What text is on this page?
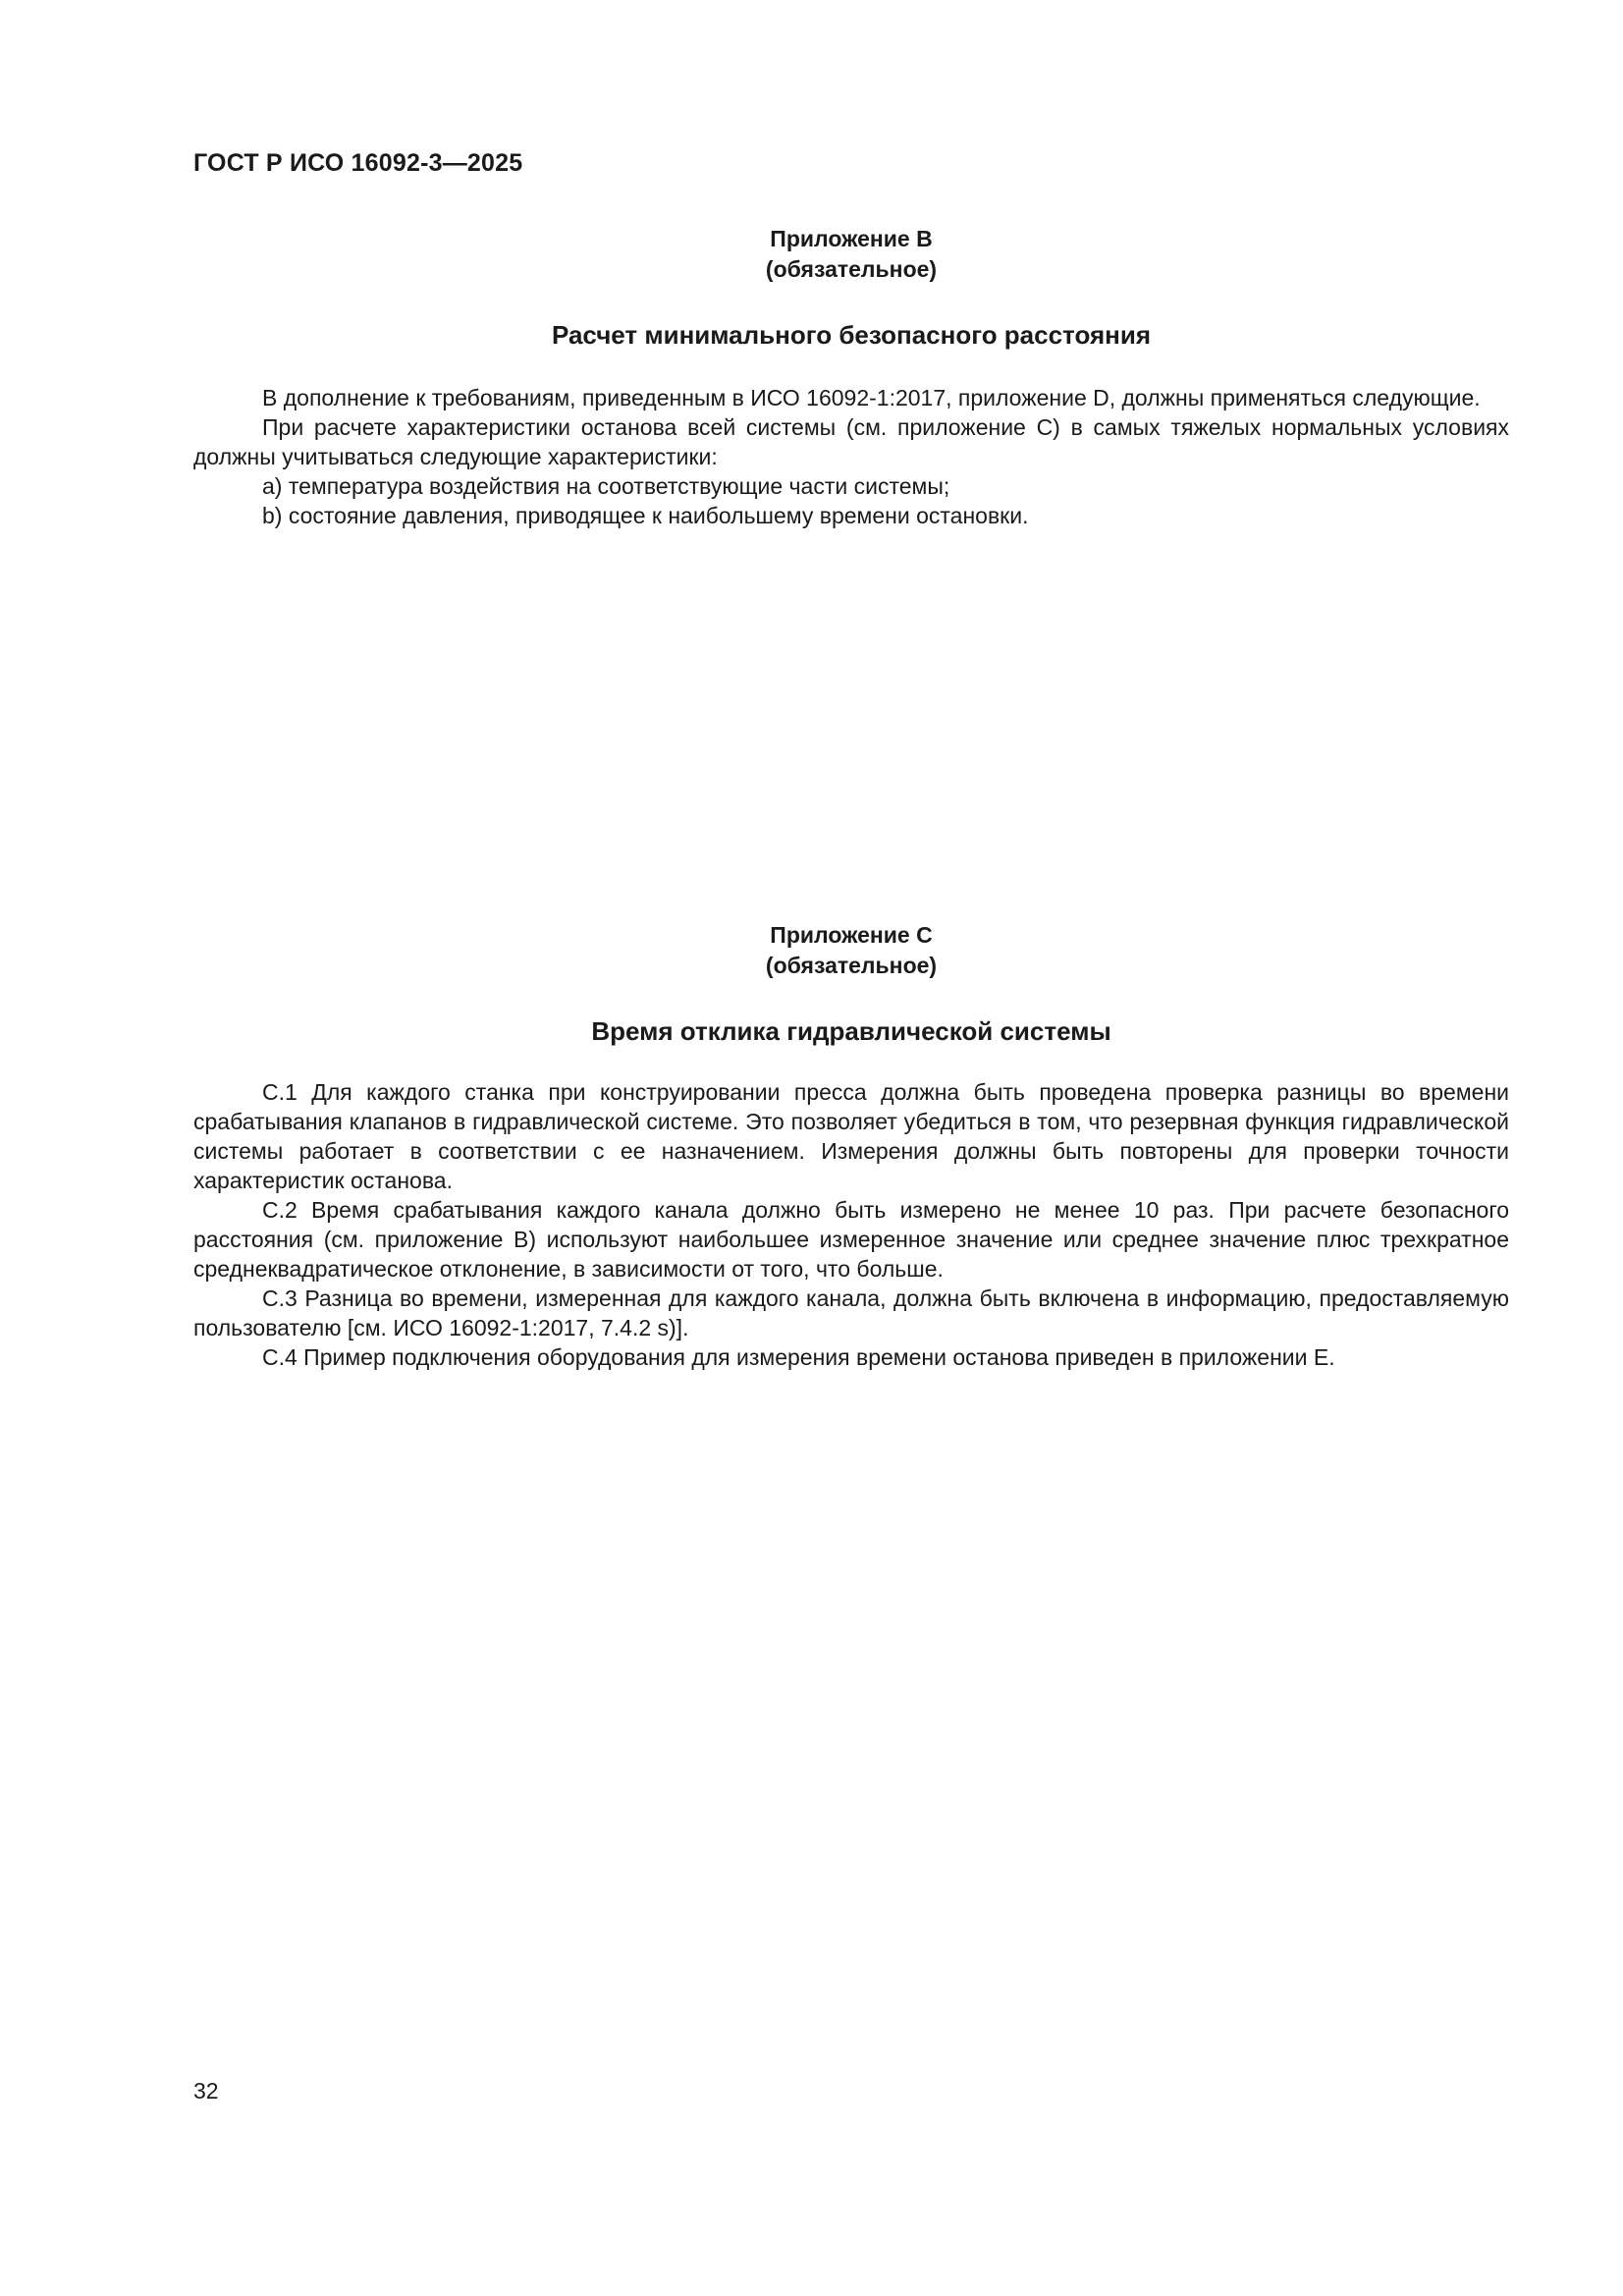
ГОСТ Р ИСО 16092-3—2025

Приложение В

(обязательное)

Расчет минимального безопасного расстояния

В дополнение к требованиям, приведенным в ИСО 16092-1:2017, приложение D, должны применяться следующие.

При расчете характеристики останова всей системы (см. приложение С) в самых тяжелых нормальных условиях должны учитываться следующие характеристики:

a) температура воздействия на соответствующие части системы;

b) состояние давления, приводящее к наибольшему времени остановки.

Приложение С

(обязательное)

Время отклика гидравлической системы

С.1 Для каждого станка при конструировании пресса должна быть проведена проверка разницы во времени срабатывания клапанов в гидравлической системе. Это позволяет убедиться в том, что резервная функция гидравлической системы работает в соответствии с ее назначением. Измерения должны быть повторены для проверки точности характеристик останова.

С.2 Время срабатывания каждого канала должно быть измерено не менее 10 раз. При расчете безопасного расстояния (см. приложение В) используют наибольшее измеренное значение или среднее значение плюс трехкратное среднеквадратическое отклонение, в зависимости от того, что больше.

С.3 Разница во времени, измеренная для каждого канала, должна быть включена в информацию, предоставляемую пользователю [см. ИСО 16092-1:2017, 7.4.2 s)].

С.4 Пример подключения оборудования для измерения времени останова приведен в приложении Е.

32
